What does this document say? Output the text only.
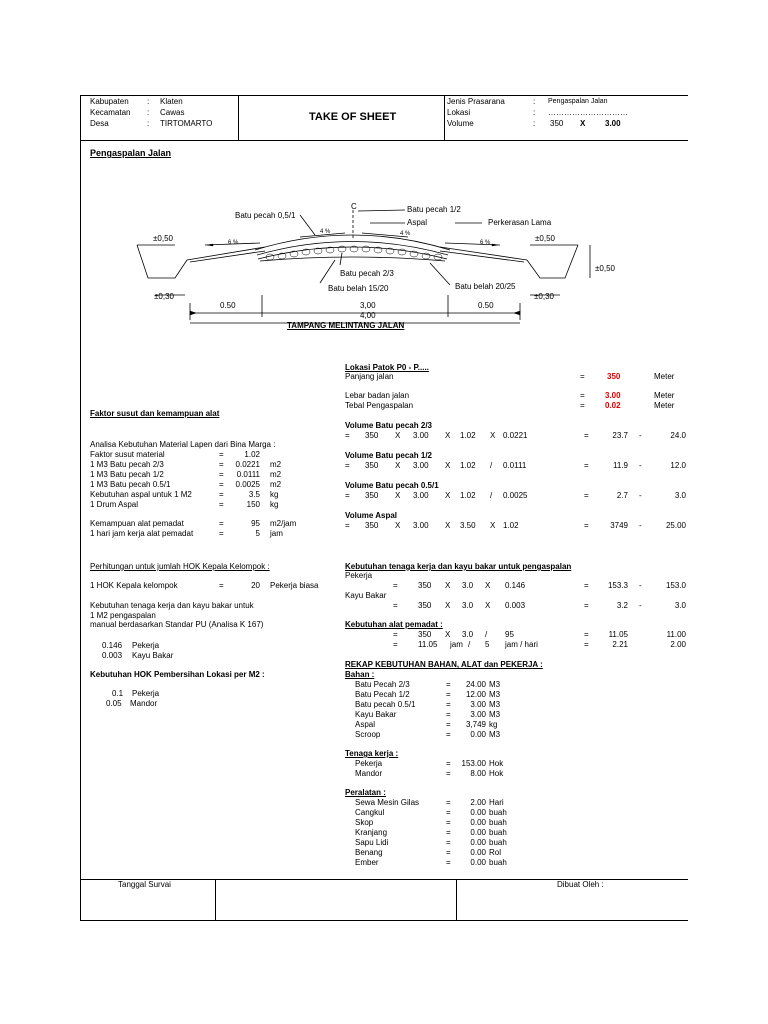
Kabupaten : Klaten
Kecamatan : Cawas
Desa	: TIRTOMARTO
TAKE OF SHEET
Jenis Prasarana	: Pengaspalan Jalan
Lokasi	: …………………………
Volume	: 350 X 3.00
Pengaspalan Jalan
Batu pecah 0,5/1
C	Batu pecah 1/2
Aspal	Perkerasan Lama
4 %	4 %
6 %	6 %
±0,50	±0,50
±0,50
Batu pecah 2/3
Batu belah 15/20	Batu belah 20/25
±0,30	±0,30
0.50	3,00	0.50
4,00
TAMPANG MELINTANG JALAN
Lokasi Patok P0 - P.....
Panjang jalan	=	350	Meter
Lebar badan jalan	=	3.00	Meter
Tebal Pengaspalan	=	0.02	Meter
Volume Batu pecah 2/3
= 350 X 3.00 X 1.02 X 0.0221	=	23.7 -	24.0
Volume Batu pecah 1/2
= 350 X 3.00 X 1.02 / 0.0111	=	11.9 -	12.0
Volume Batu pecah 0.5/1
= 350 X 3.00 X 1.02 / 0.0025	=	2.7 -	3.0
Volume Aspal
= 350 X 3.00 X 3.50 X 1.02	=	3749 -	25.00
Faktor susut dan kemampuan alat
Analisa Kebutuhan Material Lapen dari Bina Marga :
Faktor susut material	=	1.02
1 M3 Batu pecah 2/3	=	0.0221 m2
1 M3 Batu pecah 1/2	=	0.0111 m2
1 M3 Batu pecah 0.5/1	=	0.0025 m2
Kebutuhan aspal untuk 1 M2	=	3.5 kg
1 Drum Aspal	=	150 kg
Kemampuan alat pemadat	=	95 m2/jam
1 hari jam kerja alat pemadat	=	5 jam
Perhitungan untuk jumlah HOK Kepala Kelompok :
1 HOK Kepala kelompok	=	20 Pekerja biasa
Kebutuhan tenaga kerja dan kayu bakar untuk
1 M2 pengaspalan
manual berdasarkan Standar PU (Analisa K 167)
0.146 Pekerja
0.003 Kayu Bakar
Kebutuhan HOK Pembersihan Lokasi per M2 :
0.1 Pekerja
0.05 Mandor
Kebutuhan tenaga kerja dan kayu bakar untuk pengaspalan
Pekerja
=	350 X 3.0 X 0.146	=	153.3 -	153.0
Kayu Bakar
=	350 X 3.0 X 0.003	=	3.2 -	3.0
Kebutuhan alat pemadat :
=	350 X 3.0 / 95	=	11.05	11.00
=	11.05 jam / 5 jam / hari	=	2.21	2.00
REKAP KEBUTUHAN BAHAN, ALAT dan PEKERJA :
Bahan :
Batu Pecah 2/3	=	24.00 M3
Batu Pecah 1/2	=	12.00 M3
Batu pecah 0.5/1	=	3.00 M3
Kayu Bakar	=	3.00 M3
Aspal	=	3,749 kg
Scroop	=	0.00 M3
Tenaga kerja :
Pekerja	=	153.00 Hok
Mandor	=	8.00 Hok
Peralatan :
Sewa Mesin Gilas	=	2.00 Hari
Cangkul	=	0.00 buah
Skop	=	0.00 buah
Kranjang	=	0.00 buah
Sapu Lidi	=	0.00 buah
Benang	=	0.00 Rol
Ember	=	0.00 buah
Tanggal Survai	Dibuat Oleh :
